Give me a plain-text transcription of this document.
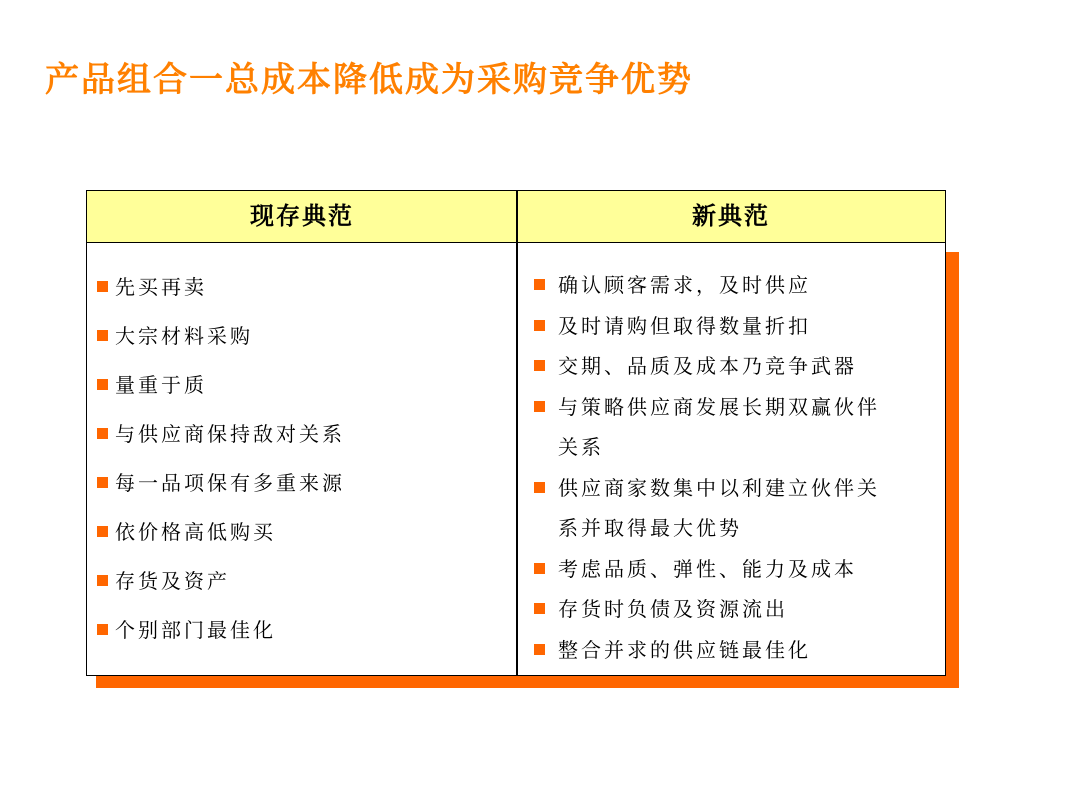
产品组合一总成本降低成为采购竞争优势
现存典范	新典范
先买再卖
大宗材料采购
量重于质
与供应商保持敌对关系
每一品项保有多重来源
依价格高低购买
存货及资产
个别部门最佳化
确认顾客需求，及时供应
及时请购但取得数量折扣
交期、品质及成本乃竞争武器
与策略供应商发展长期双赢伙伴关系
供应商家数集中以利建立伙伴关系并取得最大优势
考虑品质、弹性、能力及成本
存货时负债及资源流出
整合并求的供应链最佳化
